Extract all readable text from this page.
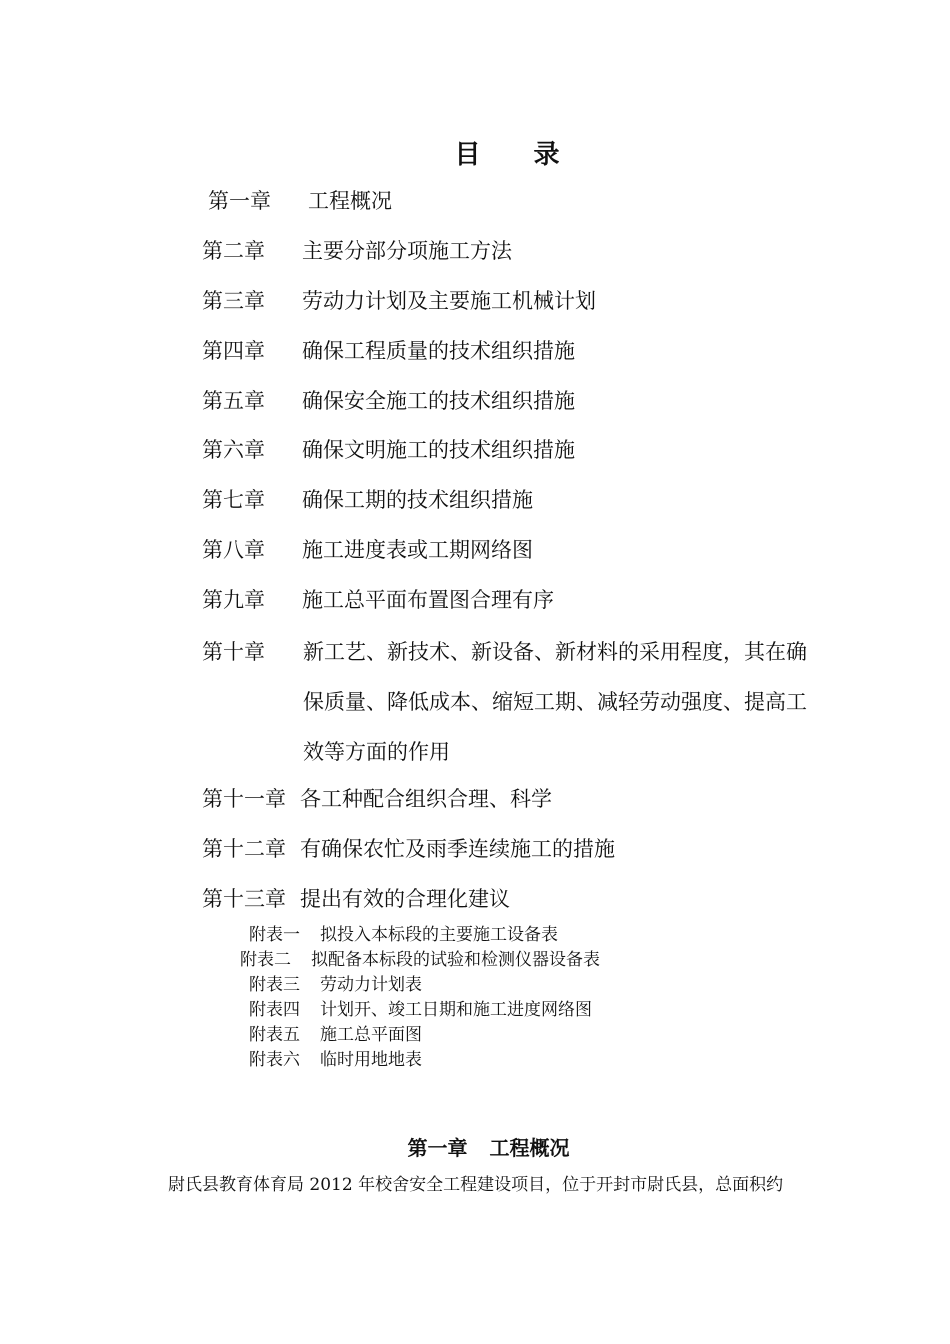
目 录
第一章 工程概况
第二章 主要分部分项施工方法
第三章 劳动力计划及主要施工机械计划
第四章 确保工程质量的技术组织措施
第五章 确保安全施工的技术组织措施
第六章 确保文明施工的技术组织措施
第七章 确保工期的技术组织措施
第八章 施工进度表或工期网络图
第九章 施工总平面布置图合理有序
第十章 新工艺、新技术、新设备、新材料的采用程度，其在确
保质量、降低成本、缩短工期、减轻劳动强度、提高工
效等方面的作用
第十一章 各工种配合组织合理、科学
第十二章 有确保农忙及雨季连续施工的措施
第十三章 提出有效的合理化建议
附表一 拟投入本标段的主要施工设备表
附表二 拟配备本标段的试验和检测仪器设备表
附表三 劳动力计划表
附表四 计划开、竣工日期和施工进度网络图
附表五 施工总平面图
附表六 临时用地地表
第一章 工程概况
尉氏县教育体育局 2012 年校舍安全工程建设项目，位于开封市尉氏县，总面积约
